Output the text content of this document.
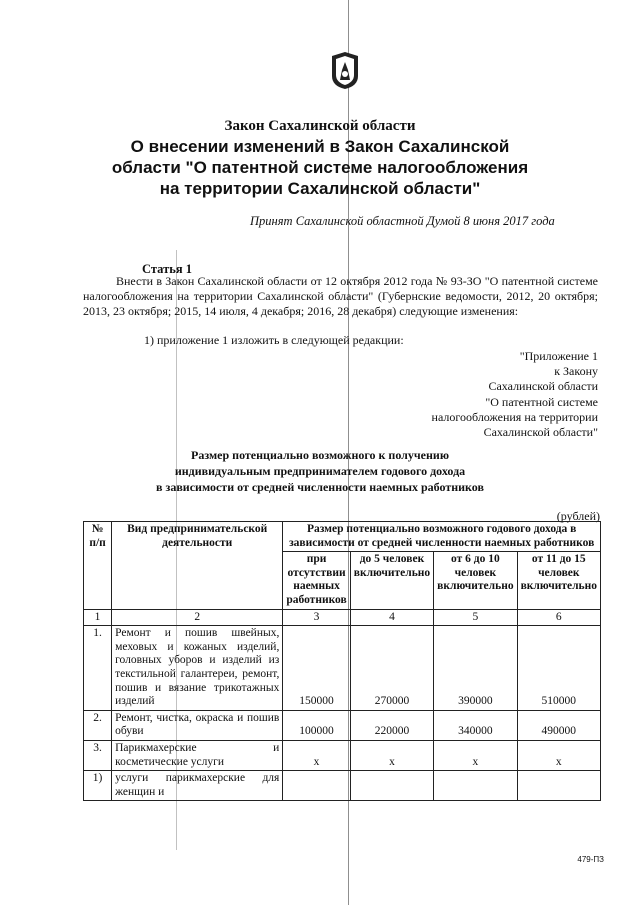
Закон Сахалинской области
О внесении изменений в Закон Сахалинской
области "О патентной системе налогообложения
на территории Сахалинской области"
Принят Сахалинской областной Думой 8 июня 2017 года
Статья 1

Внести в Закон Сахалинской области от 12 октября 2012 года № 93-ЗО "О патентной системе налогообложения на территории Сахалинской области" (Губернские ведомости, 2012, 20 октября; 2013, 23 октября; 2015, 14 июля, 4 декабря; 2016, 28 декабря) следующие изменения:

1) приложение 1 изложить в следующей редакции:
"Приложение 1
к Закону
Сахалинской области
"О патентной системе
налогообложения на территории
Сахалинской области"
Размер потенциально возможного к получению
индивидуальным предпринимателем годового дохода
в зависимости от средней численности наемных работников
(рублей)
№ п/п	Вид предпринимательской деятельности	Размер потенциально возможного годового дохода в зависимости от средней численности наемных работников			
		при отсутствии наемных работников	до 5 человек включительно	от 6 до 10 человек включительно	от 11 до 15 человек включительно
1	2	3	4	5	6
1.	Ремонт и пошив швейных, меховых и кожаных изделий, головных уборов и изделий из текстильной галантереи, ремонт, пошив и вязание трикотажных изделий	150000	270000	390000	510000
2.	Ремонт, чистка, окраска и пошив обуви	100000	220000	340000	490000
3.	Парикмахерские и косметические услуги	x	x	x	x
1)	услуги парикмахерские для женщин и				
479-ПЗ
